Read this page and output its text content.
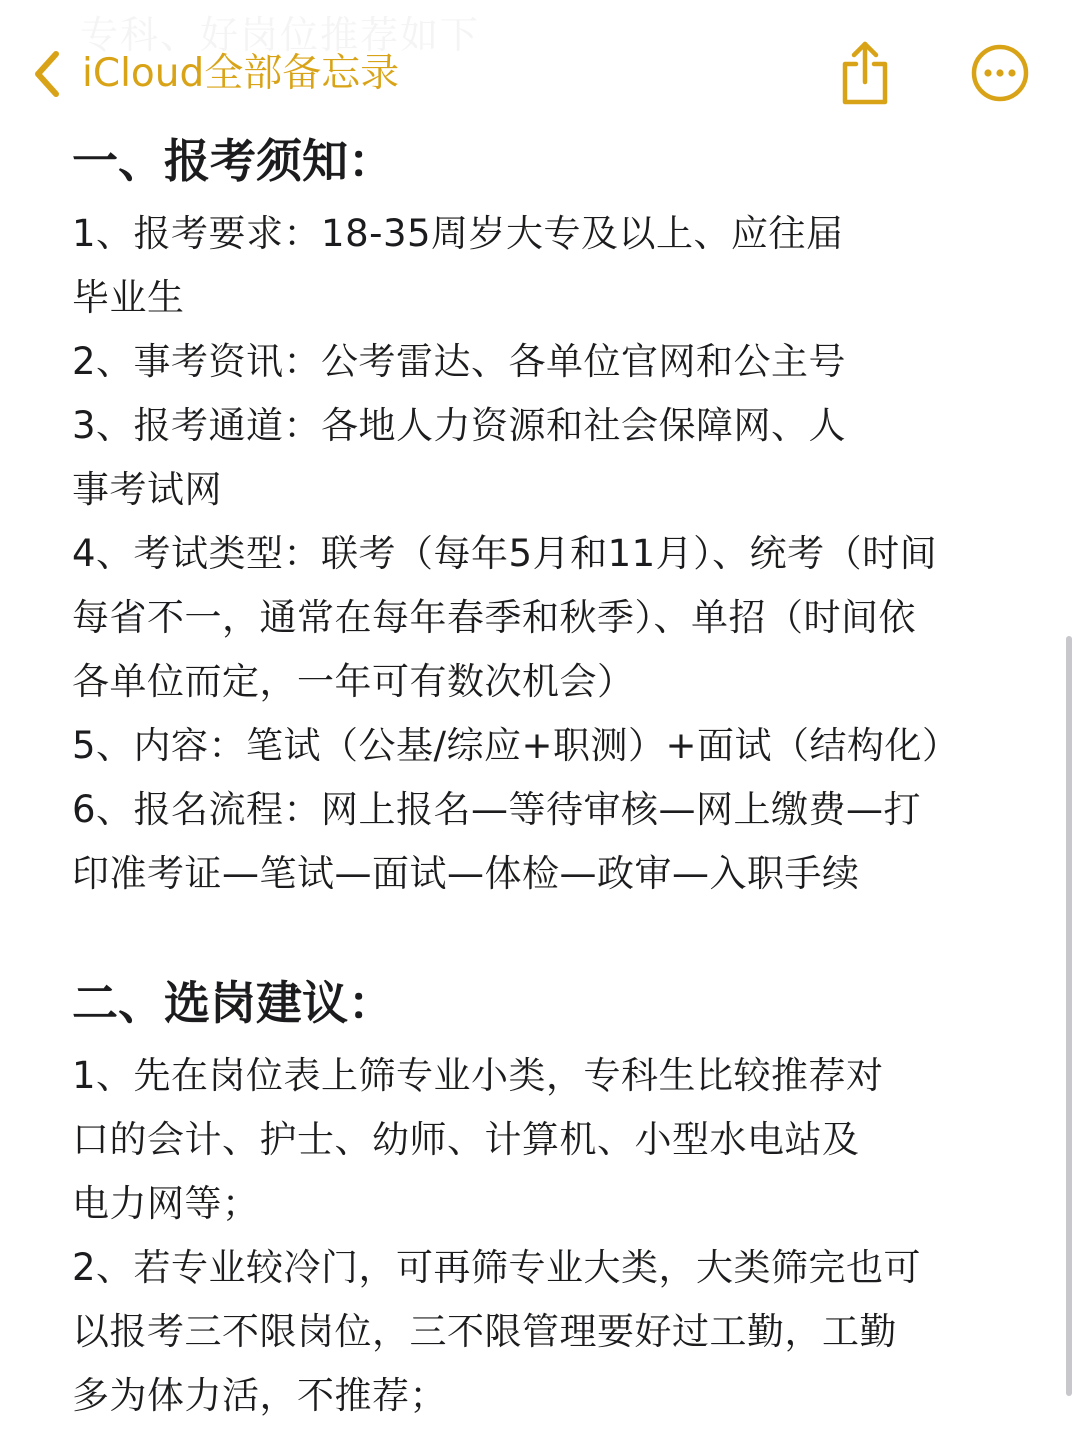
专科、好岗位推荐如下
iCloud全部备忘录
一、报考须知：
1、报考要求：18-35周岁大专及以上、应往届
毕业生
2、事考资讯：公考雷达、各单位官网和公主号
3、报考通道：各地人力资源和社会保障网、人
事考试网
4、考试类型：联考（每年5月和11月）、统考（时间
每省不一，通常在每年春季和秋季）、单招（时间依
各单位而定，一年可有数次机会）
5、内容：笔试（公基/综应+职测）+面试（结构化）
6、报名流程：网上报名—等待审核—网上缴费—打
印准考证—笔试—面试—体检—政审—入职手续
二、选岗建议：
1、先在岗位表上筛专业小类，专科生比较推荐对
口的会计、护士、幼师、计算机、小型水电站及
电力网等；
2、若专业较冷门，可再筛专业大类，大类筛完也可
以报考三不限岗位，三不限管理要好过工勤，工勤
多为体力活，不推荐；
